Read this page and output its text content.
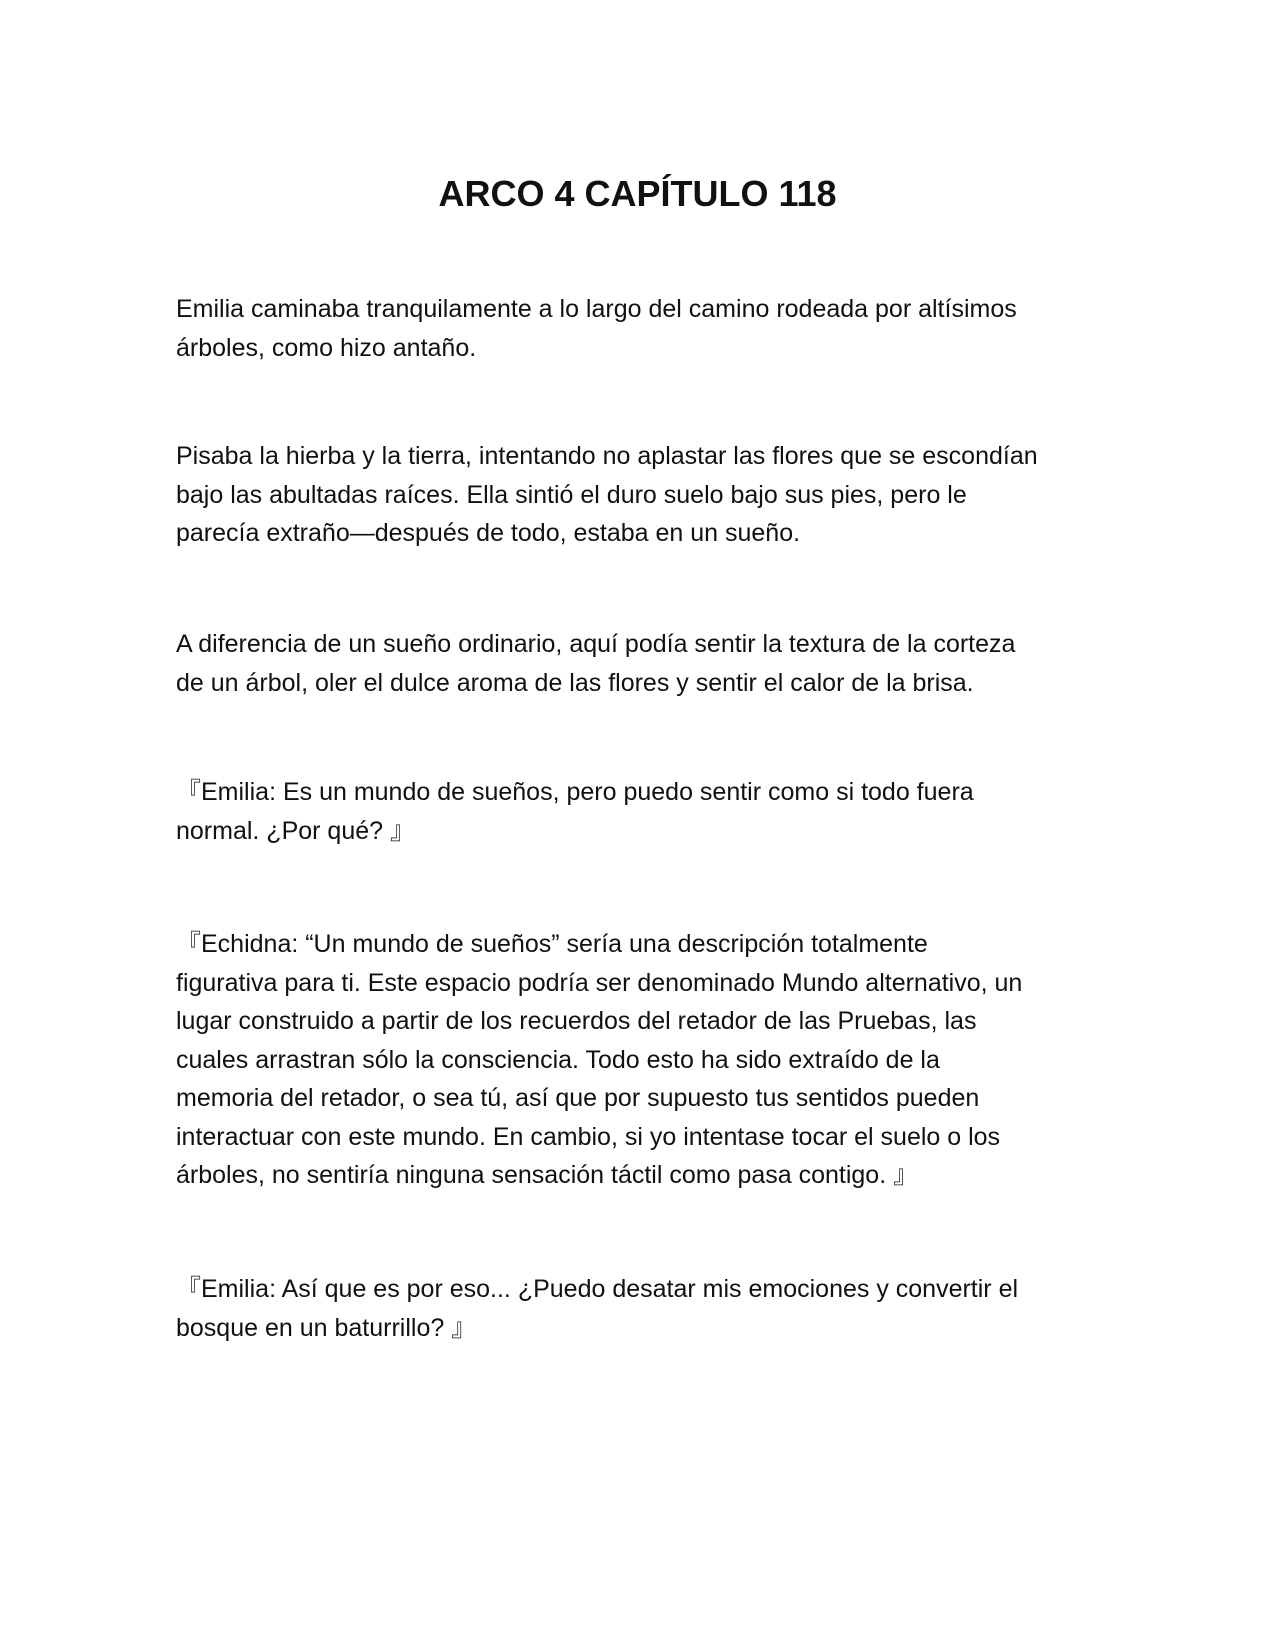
ARCO 4 CAPÍTULO 118

Emilia caminaba tranquilamente a lo largo del camino rodeada por altísimos
árboles, como hizo antaño.

Pisaba la hierba y la tierra, intentando no aplastar las flores que se escondían
bajo las abultadas raíces. Ella sintió el duro suelo bajo sus pies, pero le
parecía extraño—después de todo, estaba en un sueño.

A diferencia de un sueño ordinario, aquí podía sentir la textura de la corteza
de un árbol, oler el dulce aroma de las flores y sentir el calor de la brisa.

『Emilia: Es un mundo de sueños, pero puedo sentir como si todo fuera
normal. ¿Por qué? 』

『Echidna: “Un mundo de sueños” sería una descripción totalmente
figurativa para ti. Este espacio podría ser denominado Mundo alternativo, un
lugar construido a partir de los recuerdos del retador de las Pruebas, las
cuales arrastran sólo la consciencia. Todo esto ha sido extraído de la
memoria del retador, o sea tú, así que por supuesto tus sentidos pueden
interactuar con este mundo. En cambio, si yo intentase tocar el suelo o los
árboles, no sentiría ninguna sensación táctil como pasa contigo. 』

『Emilia: Así que es por eso... ¿Puedo desatar mis emociones y convertir el
bosque en un baturrillo? 』
